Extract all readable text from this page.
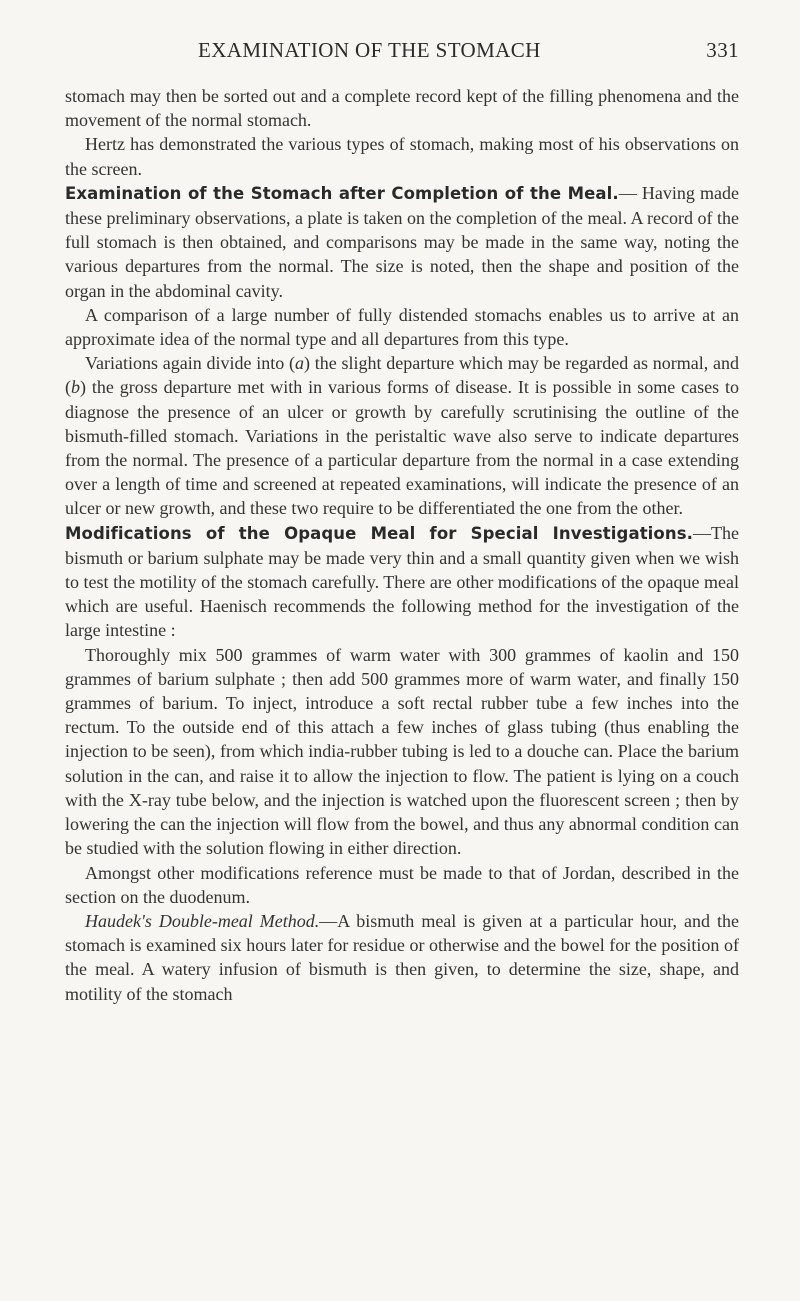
EXAMINATION OF THE STOMACH	331

stomach may then be sorted out and a complete record kept of the filling phenomena and the movement of the normal stomach.

Hertz has demonstrated the various types of stomach, making most of his observations on the screen.

Examination of the Stomach after Completion of the Meal.— Having made these preliminary observations, a plate is taken on the completion of the meal. A record of the full stomach is then obtained, and comparisons may be made in the same way, noting the various departures from the normal. The size is noted, then the shape and position of the organ in the abdominal cavity.

A comparison of a large number of fully distended stomachs enables us to arrive at an approximate idea of the normal type and all departures from this type.

Variations again divide into (a) the slight departure which may be regarded as normal, and (b) the gross departure met with in various forms of disease. It is possible in some cases to diagnose the presence of an ulcer or growth by carefully scrutinising the outline of the bismuth-filled stomach. Variations in the peristaltic wave also serve to indicate departures from the normal. The presence of a particular departure from the normal in a case extending over a length of time and screened at repeated examinations, will indicate the presence of an ulcer or new growth, and these two require to be differentiated the one from the other.

Modifications of the Opaque Meal for Special Investigations.—The bismuth or barium sulphate may be made very thin and a small quantity given when we wish to test the motility of the stomach carefully. There are other modifications of the opaque meal which are useful. Haenisch recommends the following method for the investigation of the large intestine :

Thoroughly mix 500 grammes of warm water with 300 grammes of kaolin and 150 grammes of barium sulphate ; then add 500 grammes more of warm water, and finally 150 grammes of barium. To inject, introduce a soft rectal rubber tube a few inches into the rectum. To the outside end of this attach a few inches of glass tubing (thus enabling the injection to be seen), from which india-rubber tubing is led to a douche can. Place the barium solution in the can, and raise it to allow the injection to flow. The patient is lying on a couch with the X-ray tube below, and the injection is watched upon the fluorescent screen ; then by lowering the can the injection will flow from the bowel, and thus any abnormal condition can be studied with the solution flowing in either direction.

Amongst other modifications reference must be made to that of Jordan, described in the section on the duodenum.

Haudek's Double-meal Method.—A bismuth meal is given at a particular hour, and the stomach is examined six hours later for residue or otherwise and the bowel for the position of the meal. A watery infusion of bismuth is then given, to determine the size, shape, and motility of the stomach
